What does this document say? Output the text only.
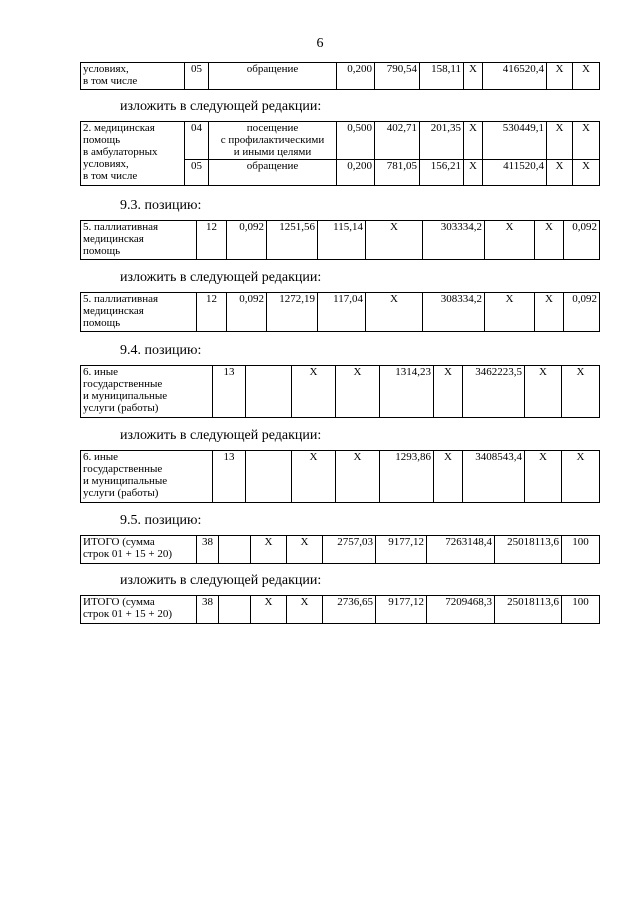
6
условиях,
в том числе	05	обращение	0,200	790,54	158,11	X	416520,4	X	X
изложить в следующей редакции:
2. медицинская
помощь
в амбулаторных
условиях,
в том числе	04	посещение
с профилактическими
и иными целями	0,500	402,71	201,35	X	530449,1	X	X
	05	обращение	0,200	781,05	156,21	X	411520,4	X	X
9.3. позицию:
5. паллиативная
медицинская
помощь	12	0,092	1251,56	115,14	X	303334,2	X	X	0,092
изложить в следующей редакции:
5. паллиативная
медицинская
помощь	12	0,092	1272,19	117,04	X	308334,2	X	X	0,092
9.4. позицию:
6. иные
государственные
и муниципальные
услуги (работы)	13		X	X	1314,23	X	3462223,5	X	X
изложить в следующей редакции:
6. иные
государственные
и муниципальные
услуги (работы)	13		X	X	1293,86	X	3408543,4	X	X
9.5. позицию:
ИТОГО (сумма
строк 01 + 15 + 20)	38		X	X	2757,03	9177,12	7263148,4	25018113,6	100
изложить в следующей редакции:
ИТОГО (сумма
строк 01 + 15 + 20)	38		X	X	2736,65	9177,12	7209468,3	25018113,6	100
